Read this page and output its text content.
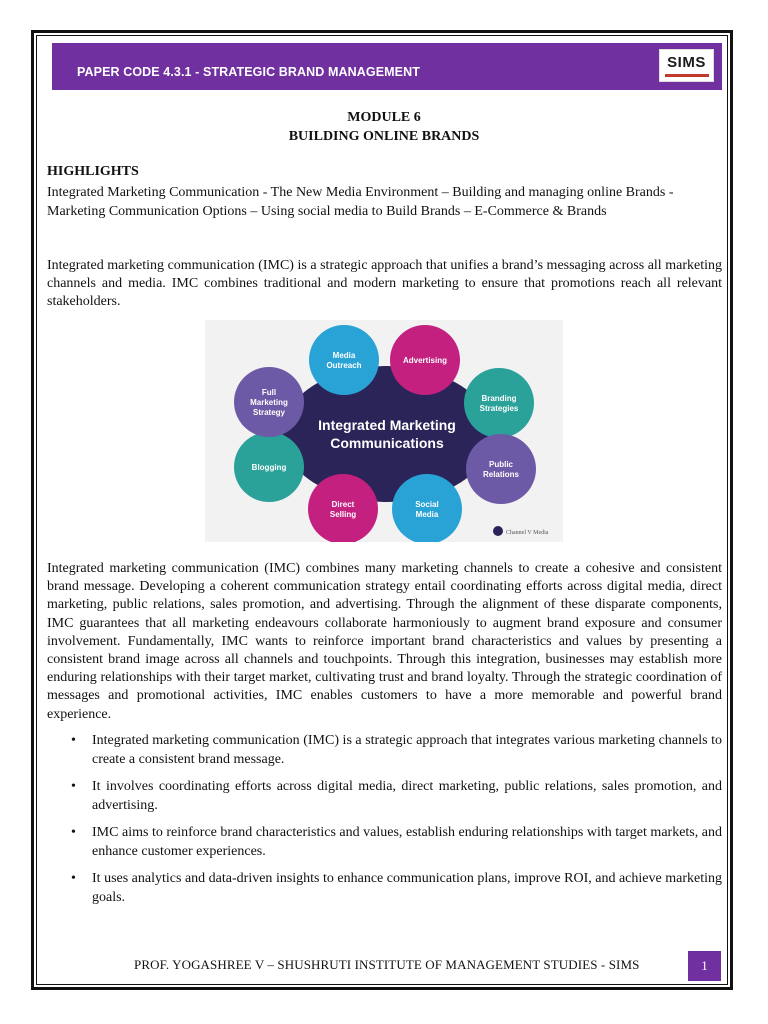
PAPER CODE 4.3.1 - STRATEGIC BRAND MANAGEMENT
SIMS
MODULE 6
BUILDING ONLINE BRANDS
HIGHLIGHTS
Integrated Marketing Communication - The New Media Environment – Building and managing online Brands - Marketing Communication Options – Using social media to Build Brands – E-Commerce & Brands
Integrated marketing communication (IMC) is a strategic approach that unifies a brand’s messaging across all marketing channels and media. IMC combines traditional and modern marketing to ensure that promotions reach all relevant stakeholders.
Integrated Marketing
Communications
Media
Outreach
Advertising
Branding
Strategies
Public
Relations
Social
Media
Direct
Selling
Blogging
Full
Marketing
Strategy
Channel V Media
Integrated marketing communication (IMC) combines many marketing channels to create a cohesive and consistent brand message. Developing a coherent communication strategy entail coordinating efforts across digital media, direct marketing, public relations, sales promotion, and advertising. Through the alignment of these disparate components, IMC guarantees that all marketing endeavours collaborate harmoniously to augment brand exposure and consumer involvement. Fundamentally, IMC wants to reinforce important brand characteristics and values by presenting a consistent brand image across all channels and touchpoints. Through this integration, businesses may establish more enduring relationships with their target market, cultivating trust and brand loyalty. Through the strategic coordination of messages and promotional activities, IMC enables customers to have a more memorable and powerful brand experience.
• Integrated marketing communication (IMC) is a strategic approach that integrates various marketing channels to create a consistent brand message.
• It involves coordinating efforts across digital media, direct marketing, public relations, sales promotion, and advertising.
• IMC aims to reinforce brand characteristics and values, establish enduring relationships with target markets, and enhance customer experiences.
• It uses analytics and data-driven insights to enhance communication plans, improve ROI, and achieve marketing goals.
PROF. YOGASHREE V – SHUSHRUTI INSTITUTE OF MANAGEMENT STUDIES - SIMS	1
